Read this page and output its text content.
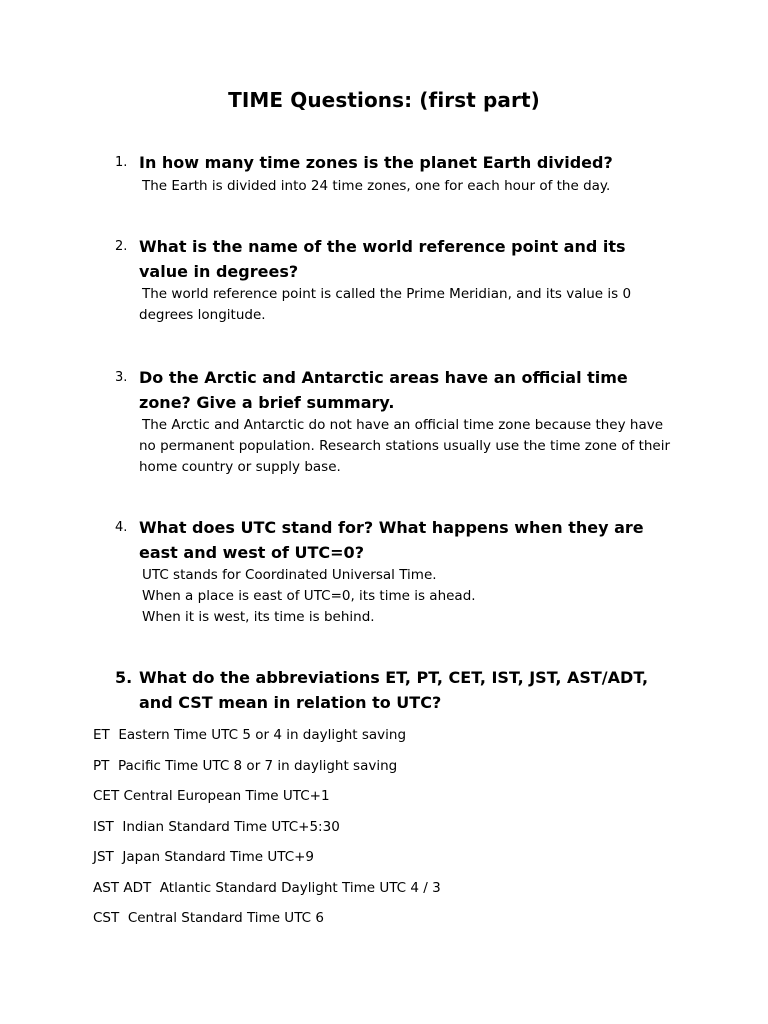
TIME Questions: (first part)
1. In how many time zones is the planet Earth divided?
The Earth is divided into 24 time zones, one for each hour of the day.
2. What is the name of the world reference point and its value in degrees?
The world reference point is called the Prime Meridian, and its value is 0 degrees longitude.
3. Do the Arctic and Antarctic areas have an official time zone? Give a brief summary.
The Arctic and Antarctic do not have an official time zone because they have no permanent population. Research stations usually use the time zone of their home country or supply base.
4. What does UTC stand for? What happens when they are east and west of UTC=0?
UTC stands for Coordinated Universal Time.
When a place is east of UTC=0, its time is ahead.
When it is west, its time is behind.
5. What do the abbreviations ET, PT, CET, IST, JST, AST/ADT, and CST mean in relation to UTC?
ET  Eastern Time UTC 5 or 4 in daylight saving
PT  Pacific Time UTC 8 or 7 in daylight saving
CET Central European Time UTC+1
IST  Indian Standard Time UTC+5:30
JST  Japan Standard Time UTC+9
AST ADT  Atlantic Standard Daylight Time UTC 4 / 3
CST  Central Standard Time UTC 6
